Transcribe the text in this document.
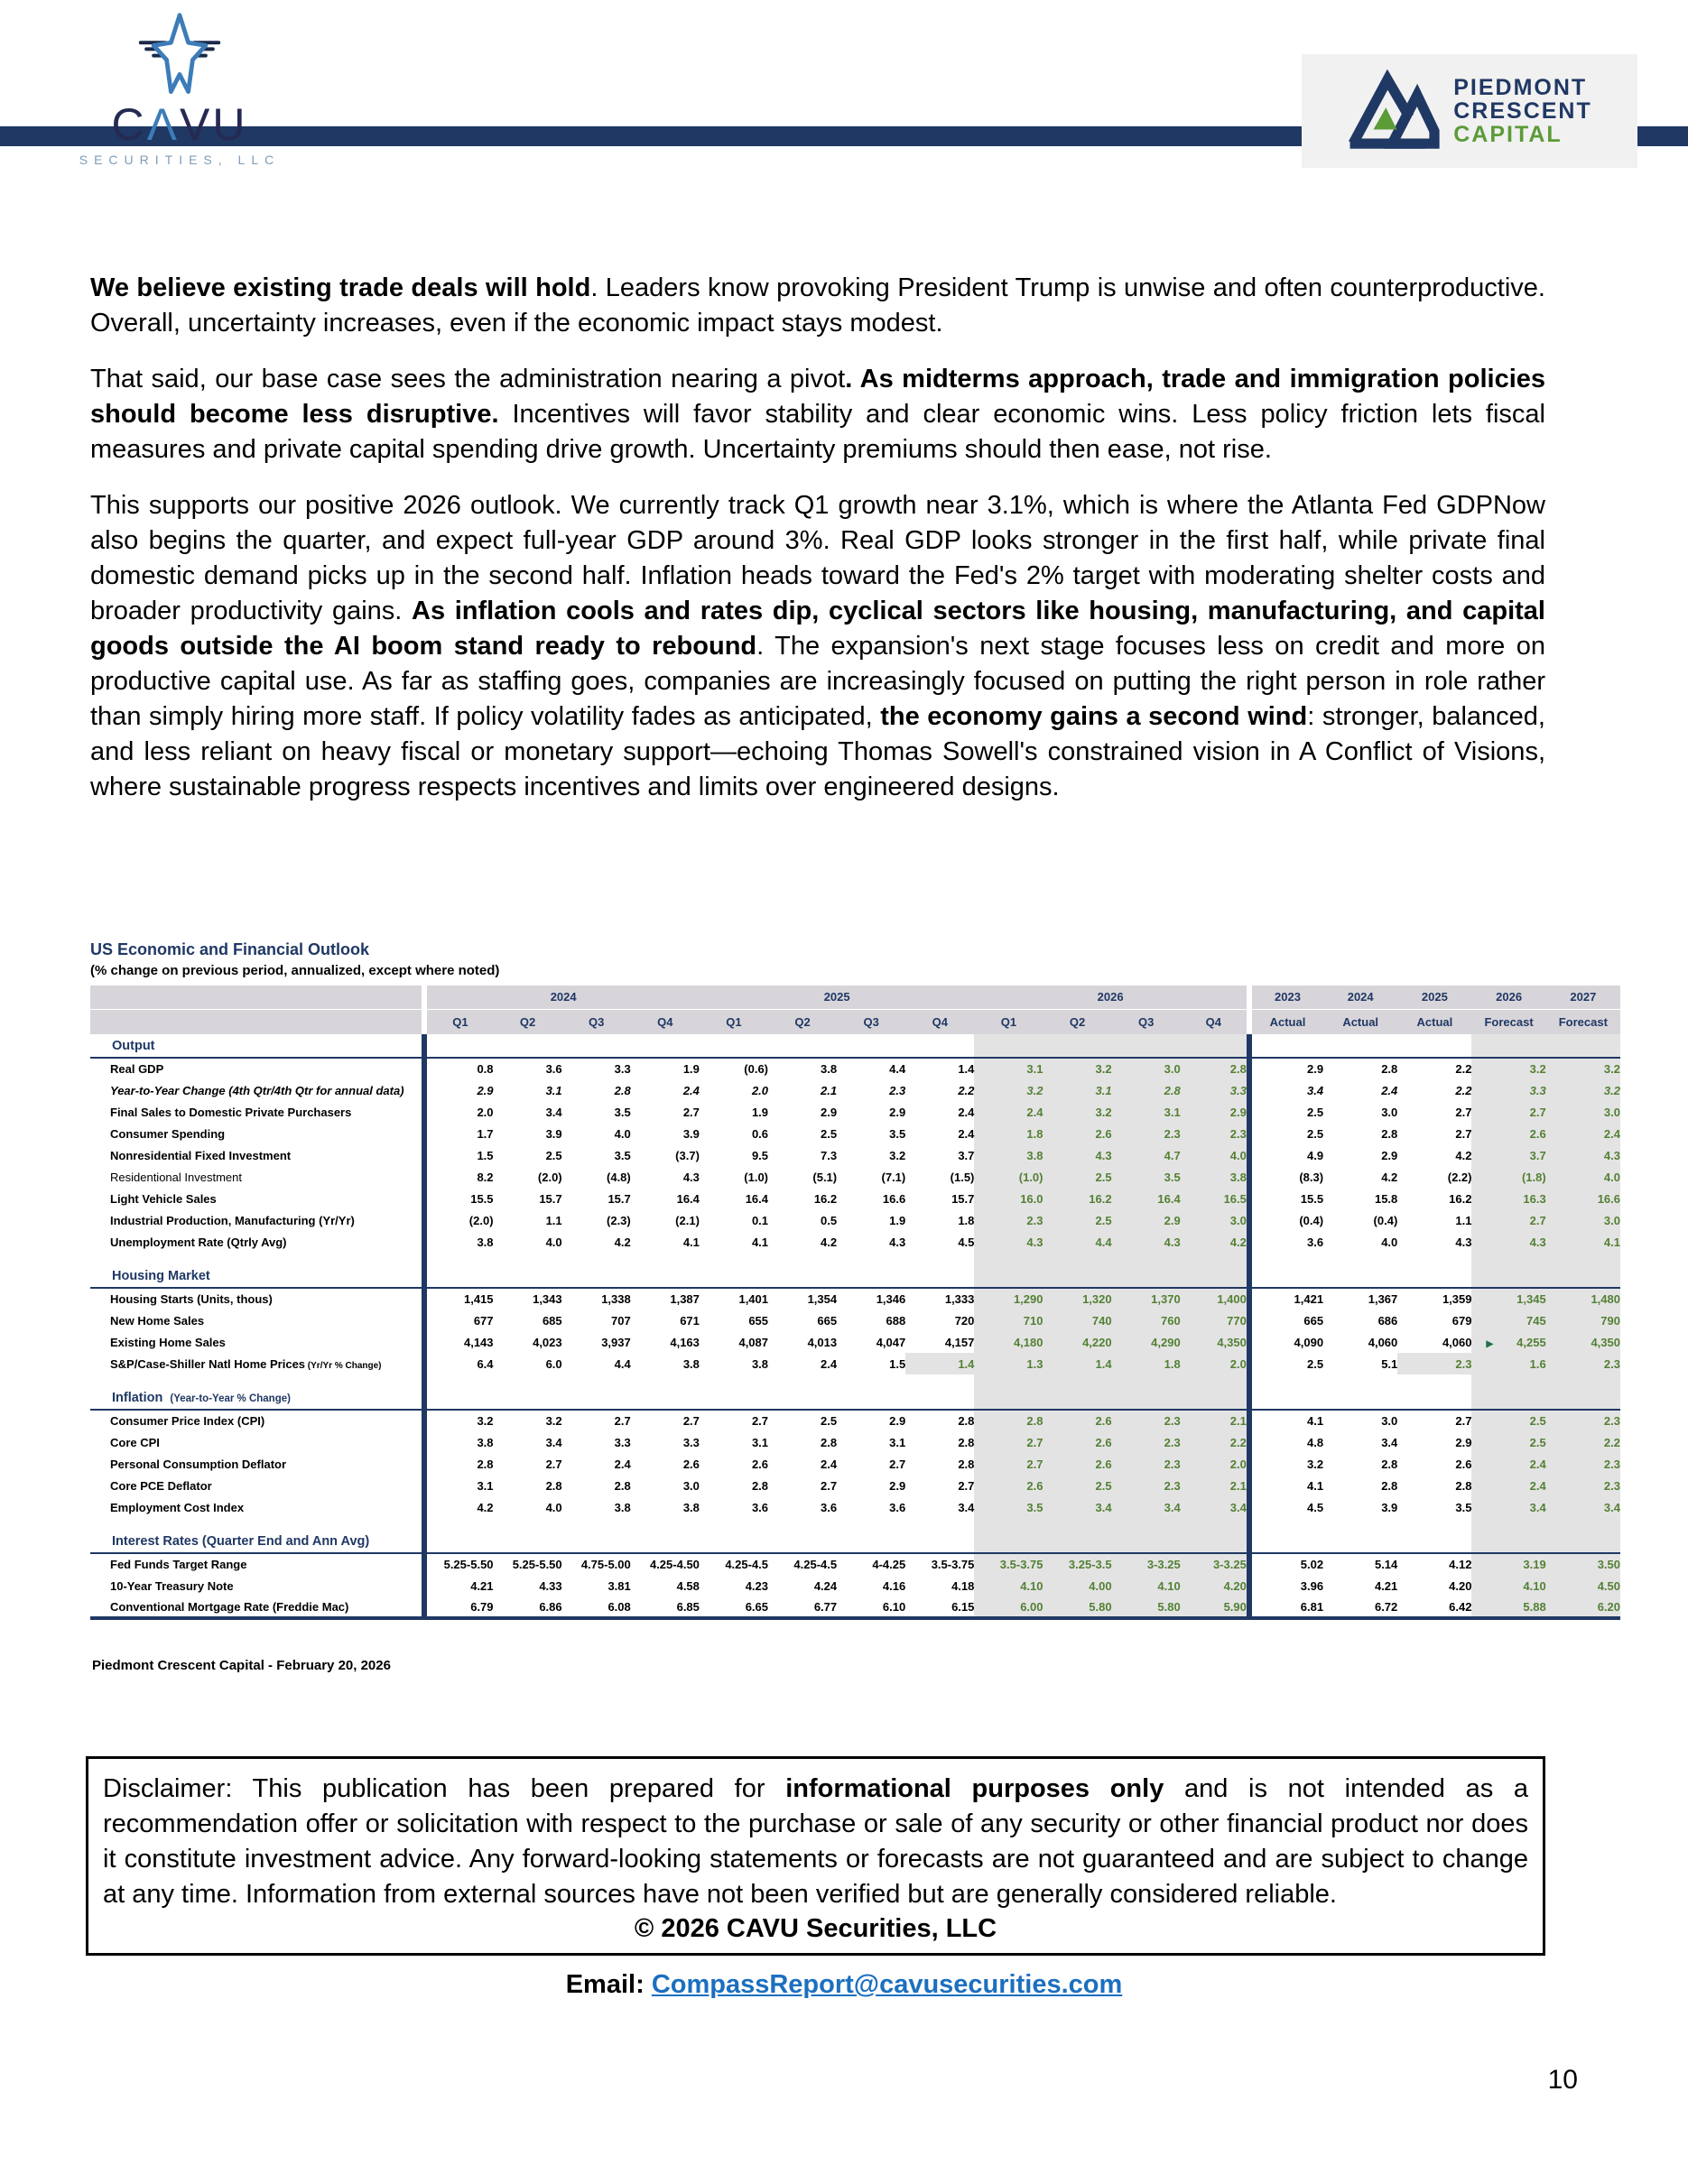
CΛVU
SECURITIES, LLC
PIEDMONT
CRESCENT
CAPITAL

We believe existing trade deals will hold. Leaders know provoking President Trump is unwise and often counterproductive. Overall, uncertainty increases, even if the economic impact stays modest.

That said, our base case sees the administration nearing a pivot. As midterms approach, trade and immigration policies should become less disruptive. Incentives will favor stability and clear economic wins. Less policy friction lets fiscal measures and private capital spending drive growth. Uncertainty premiums should then ease, not rise.

This supports our positive 2026 outlook. We currently track Q1 growth near 3.1%, which is where the Atlanta Fed GDPNow also begins the quarter, and expect full-year GDP around 3%. Real GDP looks stronger in the first half, while private final domestic demand picks up in the second half. Inflation heads toward the Fed's 2% target with moderating shelter costs and broader productivity gains. As inflation cools and rates dip, cyclical sectors like housing, manufacturing, and capital goods outside the AI boom stand ready to rebound. The expansion's next stage focuses less on credit and more on productive capital use. As far as staffing goes, companies are increasingly focused on putting the right person in role rather than simply hiring more staff. If policy volatility fades as anticipated, the economy gains a second wind: stronger, balanced, and less reliant on heavy fiscal or monetary support—echoing Thomas Sowell's constrained vision in A Conflict of Visions, where sustainable progress respects incentives and limits over engineered designs.

US Economic and Financial Outlook
(% change on previous period, annualized, except where noted)
	2024				2025				2026				2023	2024	2025	2026	2027
	Q1	Q2	Q3	Q4	Q1	Q2	Q3	Q4	Q1	Q2	Q3	Q4	Actual	Actual	Actual	Forecast	Forecast
Output																	
Real GDP	0.8	3.6	3.3	1.9	(0.6)	3.8	4.4	1.4	3.1	3.2	3.0	2.8	2.9	2.8	2.2	3.2	3.2
Year-to-Year Change (4th Qtr/4th Qtr for annual data)	2.9	3.1	2.8	2.4	2.0	2.1	2.3	2.2	3.2	3.1	2.8	3.3	3.4	2.4	2.2	3.3	3.2
Final Sales to Domestic Private Purchasers	2.0	3.4	3.5	2.7	1.9	2.9	2.9	2.4	2.4	3.2	3.1	2.9	2.5	3.0	2.7	2.7	3.0
Consumer Spending	1.7	3.9	4.0	3.9	0.6	2.5	3.5	2.4	1.8	2.6	2.3	2.3	2.5	2.8	2.7	2.6	2.4
Nonresidential Fixed Investment	1.5	2.5	3.5	(3.7)	9.5	7.3	3.2	3.7	3.8	4.3	4.7	4.0	4.9	2.9	4.2	3.7	4.3
Residentional Investment	8.2	(2.0)	(4.8)	4.3	(1.0)	(5.1)	(7.1)	(1.5)	(1.0)	2.5	3.5	3.8	(8.3)	4.2	(2.2)	(1.8)	4.0
Light Vehicle Sales	15.5	15.7	15.7	16.4	16.4	16.2	16.6	15.7	16.0	16.2	16.4	16.5	15.5	15.8	16.2	16.3	16.6
Industrial Production, Manufacturing (Yr/Yr)	(2.0)	1.1	(2.3)	(2.1)	0.1	0.5	1.9	1.8	2.3	2.5	2.9	3.0	(0.4)	(0.4)	1.1	2.7	3.0
Unemployment Rate (Qtrly Avg)	3.8	4.0	4.2	4.1	4.1	4.2	4.3	4.5	4.3	4.4	4.3	4.2	3.6	4.0	4.3	4.3	4.1

Housing Market																	
Housing Starts (Units, thous)	1,415	1,343	1,338	1,387	1,401	1,354	1,346	1,333	1,290	1,320	1,370	1,400	1,421	1,367	1,359	1,345	1,480
New Home Sales	677	685	707	671	655	665	688	720	710	740	760	770	665	686	679	745	790
Existing Home Sales	4,143	4,023	3,937	4,163	4,087	4,013	4,047	4,157	4,180	4,220	4,290	4,350	4,090	4,060	4,060	▶ 4,255	4,350
S&P/Case-Shiller Natl Home Prices (Yr/Yr % Change)	6.4	6.0	4.4	3.8	3.8	2.4	1.5	1.4	1.3	1.4	1.8	2.0	2.5	5.1	2.3	1.6	2.3

Inflation (Year-to-Year % Change)																	
Consumer Price Index (CPI)	3.2	3.2	2.7	2.7	2.7	2.5	2.9	2.8	2.8	2.6	2.3	2.1	4.1	3.0	2.7	2.5	2.3
Core CPI	3.8	3.4	3.3	3.3	3.1	2.8	3.1	2.8	2.7	2.6	2.3	2.2	4.8	3.4	2.9	2.5	2.2
Personal Consumption Deflator	2.8	2.7	2.4	2.6	2.6	2.4	2.7	2.8	2.7	2.6	2.3	2.0	3.2	2.8	2.6	2.4	2.3
Core PCE Deflator	3.1	2.8	2.8	3.0	2.8	2.7	2.9	2.7	2.6	2.5	2.3	2.1	4.1	2.8	2.8	2.4	2.3
Employment Cost Index	4.2	4.0	3.8	3.8	3.6	3.6	3.6	3.4	3.5	3.4	3.4	3.4	4.5	3.9	3.5	3.4	3.4

Interest Rates (Quarter End and Ann Avg)																	
Fed Funds Target Range	5.25-5.50	5.25-5.50	4.75-5.00	4.25-4.50	4.25-4.5	4.25-4.5	4-4.25	3.5-3.75	3.5-3.75	3.25-3.5	3-3.25	3-3.25	5.02	5.14	4.12	3.19	3.50
10-Year Treasury Note	4.21	4.33	3.81	4.58	4.23	4.24	4.16	4.18	4.10	4.00	4.10	4.20	3.96	4.21	4.20	4.10	4.50
Conventional Mortgage Rate (Freddie Mac)	6.79	6.86	6.08	6.85	6.65	6.77	6.10	6.15	6.00	5.80	5.80	5.90	6.81	6.72	6.42	5.88	6.20
Piedmont Crescent Capital - February 20, 2026
Disclaimer: This publication has been prepared for informational purposes only and is not intended as a recommendation offer or solicitation with respect to the purchase or sale of any security or other financial product nor does it constitute investment advice. Any forward-looking statements or forecasts are not guaranteed and are subject to change at any time. Information from external sources have not been verified but are generally considered reliable.
© 2026 CAVU Securities, LLC
Email: CompassReport@cavusecurities.com
10
